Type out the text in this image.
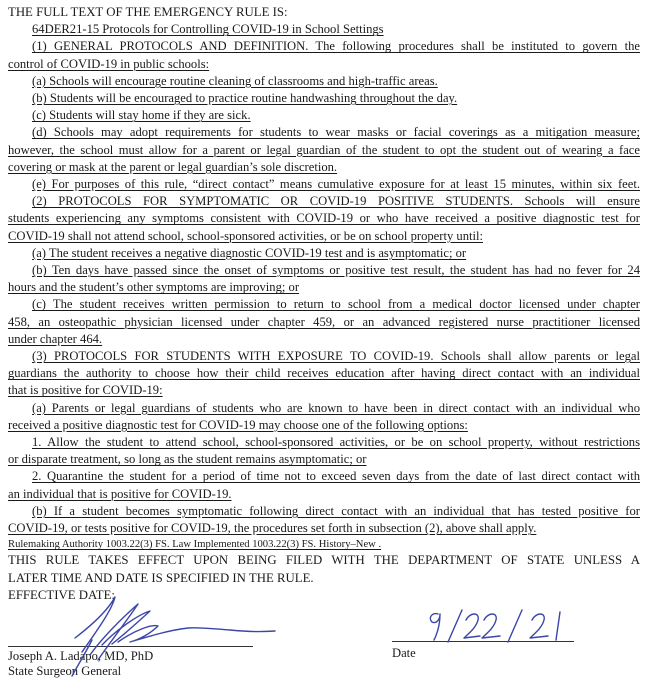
THE FULL TEXT OF THE EMERGENCY RULE IS:
64DER21-15 Protocols for Controlling COVID-19 in School Settings
(1) GENERAL PROTOCOLS AND DEFINITION. The following procedures shall be instituted to govern the
control of COVID-19 in public schools:
(a) Schools will encourage routine cleaning of classrooms and high-traffic areas.
(b) Students will be encouraged to practice routine handwashing throughout the day.
(c) Students will stay home if they are sick.
(d) Schools may adopt requirements for students to wear masks or facial coverings as a mitigation measure;
however, the school must allow for a parent or legal guardian of the student to opt the student out of wearing a face
covering or mask at the parent or legal guardian’s sole discretion.
(e) For purposes of this rule, “direct contact” means cumulative exposure for at least 15 minutes, within six feet.
(2) PROTOCOLS FOR SYMPTOMATIC OR COVID-19 POSITIVE STUDENTS. Schools will ensure
students experiencing any symptoms consistent with COVID-19 or who have received a positive diagnostic test for
COVID-19 shall not attend school, school-sponsored activities, or be on school property until:
(a) The student receives a negative diagnostic COVID-19 test and is asymptomatic; or
(b) Ten days have passed since the onset of symptoms or positive test result, the student has had no fever for 24
hours and the student’s other symptoms are improving; or
(c) The student receives written permission to return to school from a medical doctor licensed under chapter
458, an osteopathic physician licensed under chapter 459, or an advanced registered nurse practitioner licensed
under chapter 464.
(3) PROTOCOLS FOR STUDENTS WITH EXPOSURE TO COVID-19. Schools shall allow parents or legal
guardians the authority to choose how their child receives education after having direct contact with an individual
that is positive for COVID-19:
(a) Parents or legal guardians of students who are known to have been in direct contact with an individual who
received a positive diagnostic test for COVID-19 may choose one of the following options:
1. Allow the student to attend school, school-sponsored activities, or be on school property, without restrictions
or disparate treatment, so long as the student remains asymptomatic; or
2. Quarantine the student for a period of time not to exceed seven days from the date of last direct contact with
an individual that is positive for COVID-19.
(b) If a student becomes symptomatic following direct contact with an individual that has tested positive for
COVID-19, or tests positive for COVID-19, the procedures set forth in subsection (2), above shall apply.
Rulemaking Authority 1003.22(3) FS. Law Implemented 1003.22(3) FS. History–New .
THIS RULE TAKES EFFECT UPON BEING FILED WITH THE DEPARTMENT OF STATE UNLESS A
LATER TIME AND DATE IS SPECIFIED IN THE RULE.
EFFECTIVE DATE:
Joseph A. Ladapo, MD, PhD
State Surgeon General
Date
